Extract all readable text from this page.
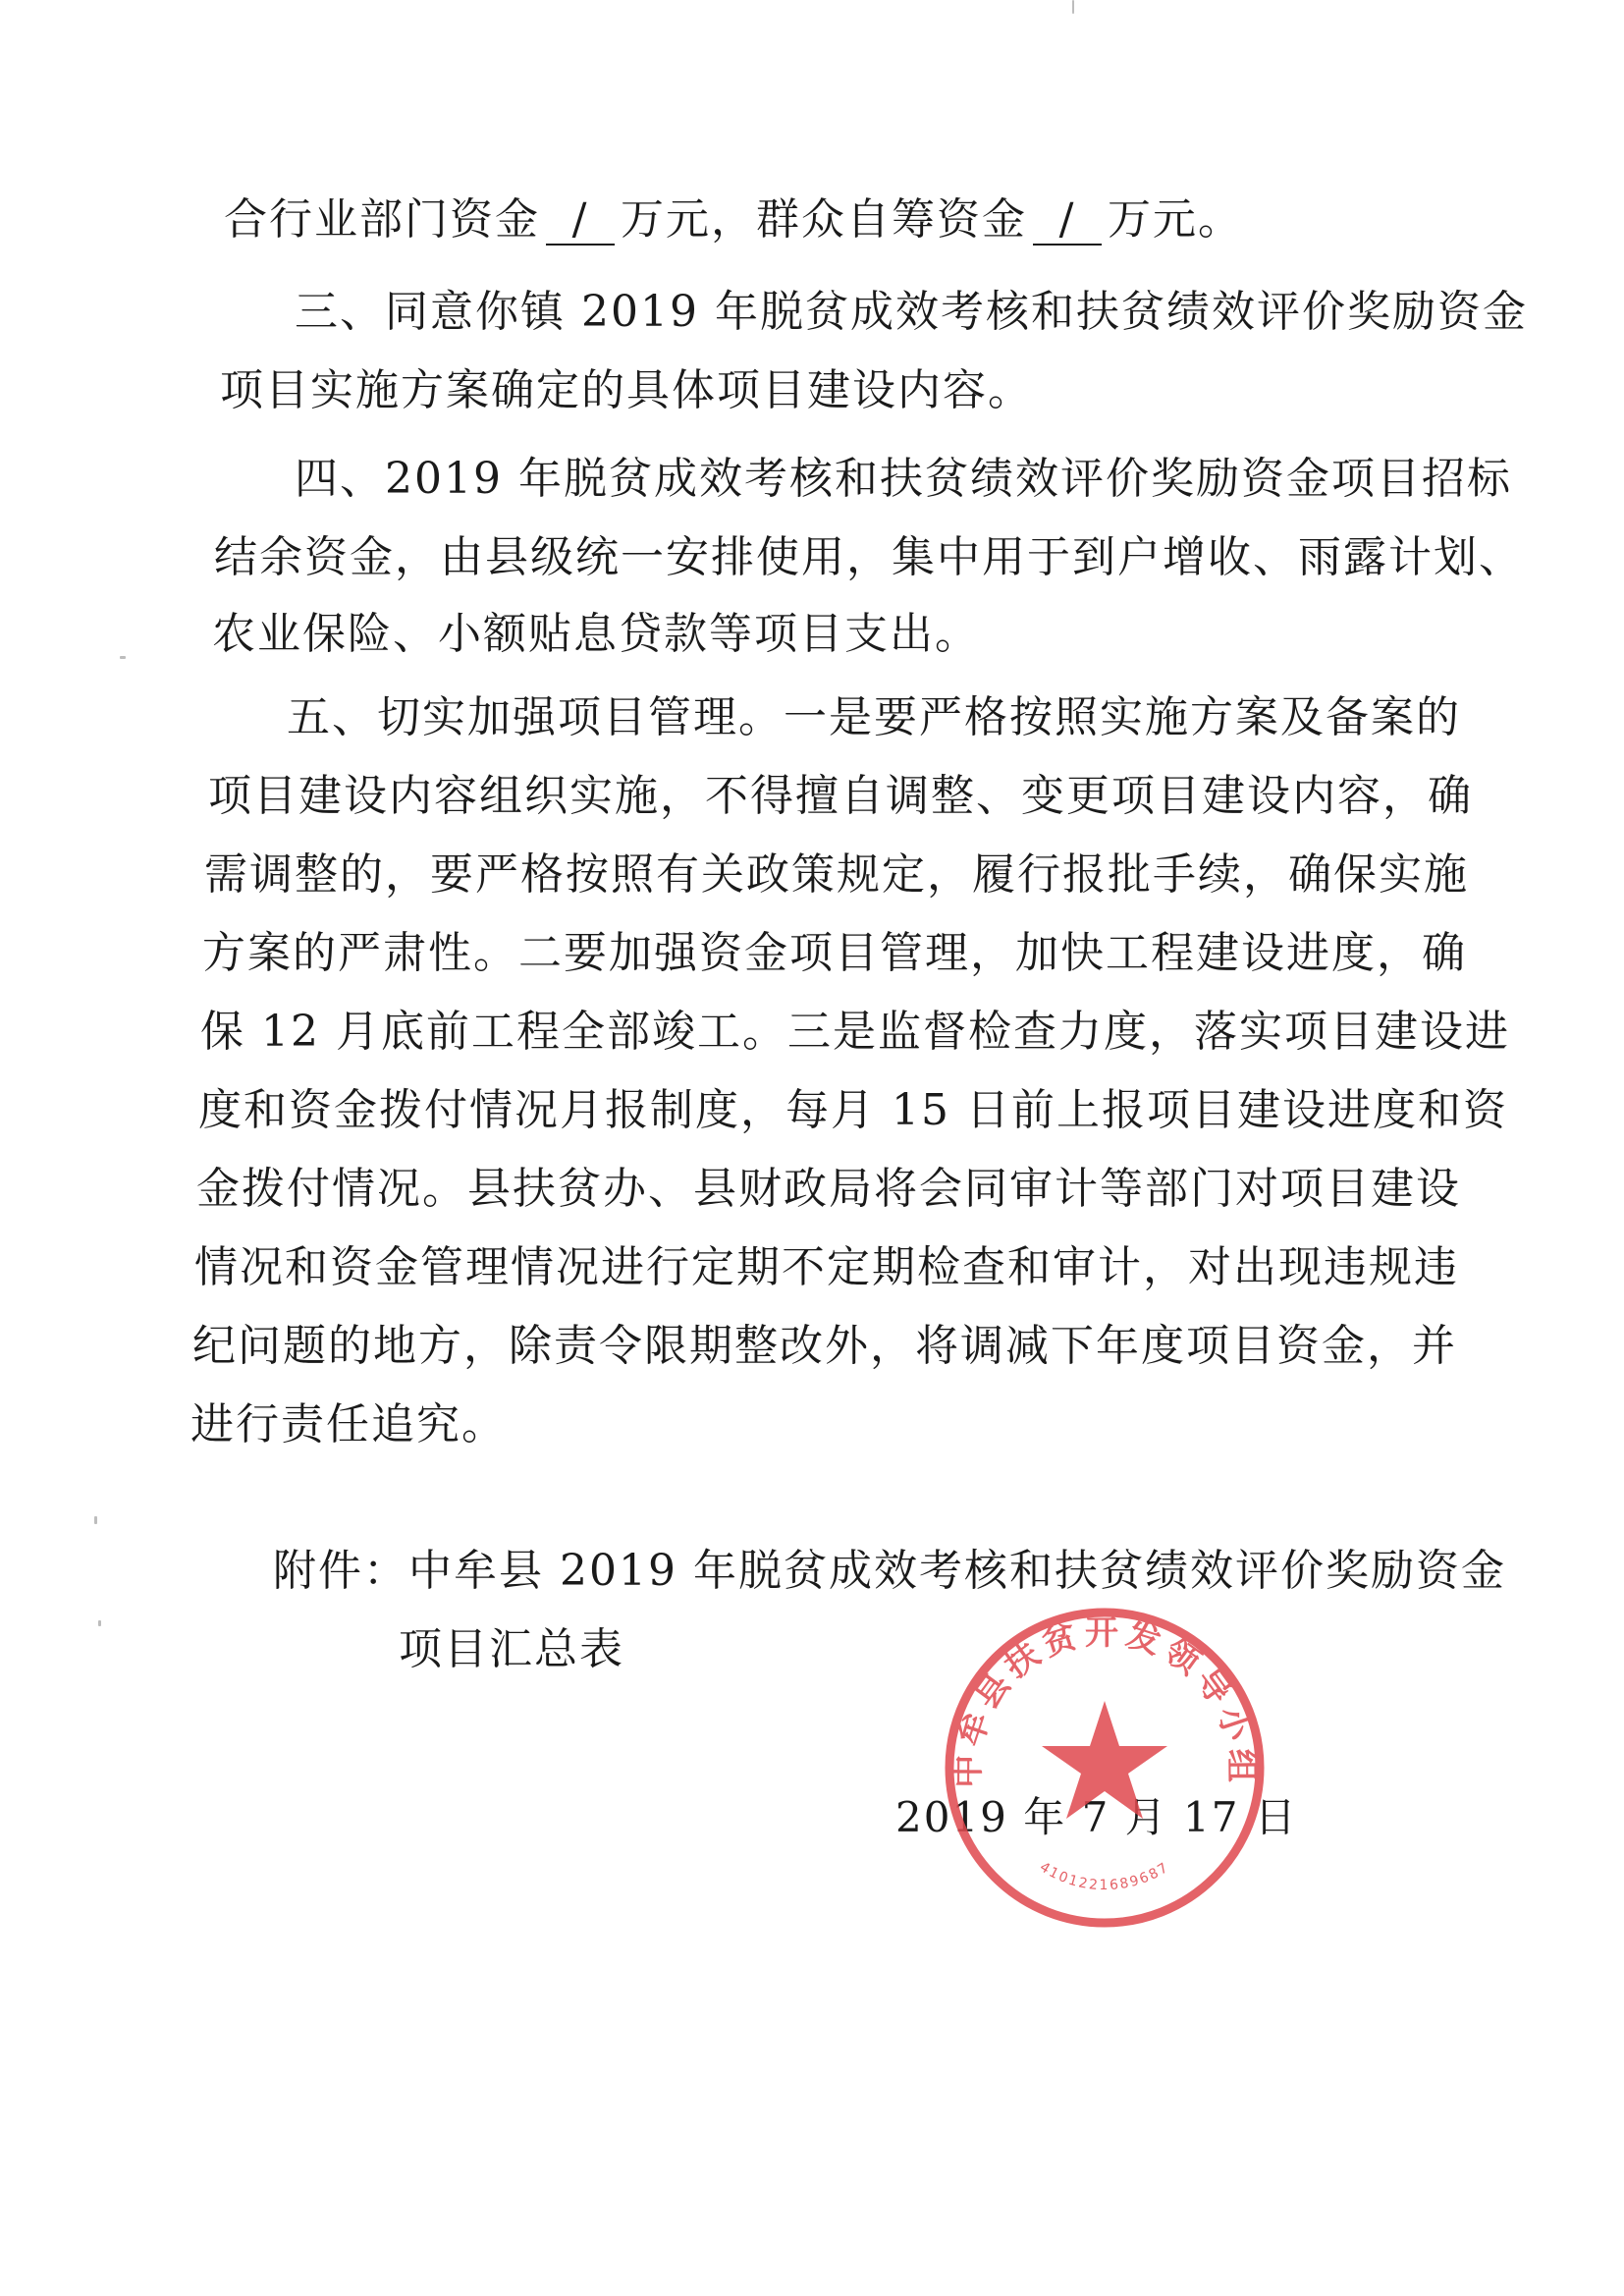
合行业部门资金 / 万元，群众自筹资金 / 万元。
三、同意你镇 2019 年脱贫成效考核和扶贫绩效评价奖励资金
项目实施方案确定的具体项目建设内容。
四、2019 年脱贫成效考核和扶贫绩效评价奖励资金项目招标
结余资金，由县级统一安排使用，集中用于到户增收、雨露计划、
农业保险、小额贴息贷款等项目支出。
五、切实加强项目管理。一是要严格按照实施方案及备案的
项目建设内容组织实施，不得擅自调整、变更项目建设内容，确
需调整的，要严格按照有关政策规定，履行报批手续，确保实施
方案的严肃性。二要加强资金项目管理，加快工程建设进度，确
保 12 月底前工程全部竣工。三是监督检查力度，落实项目建设进
度和资金拨付情况月报制度，每月 15 日前上报项目建设进度和资
金拨付情况。县扶贫办、县财政局将会同审计等部门对项目建设
情况和资金管理情况进行定期不定期检查和审计，对出现违规违
纪问题的地方，除责令限期整改外，将调减下年度项目资金，并
进行责任追究。
附件：中牟县 2019 年脱贫成效考核和扶贫绩效评价奖励资金
项目汇总表
2019 年 7 月 17 日
中牟县扶贫开发领导小组
4101221689687
